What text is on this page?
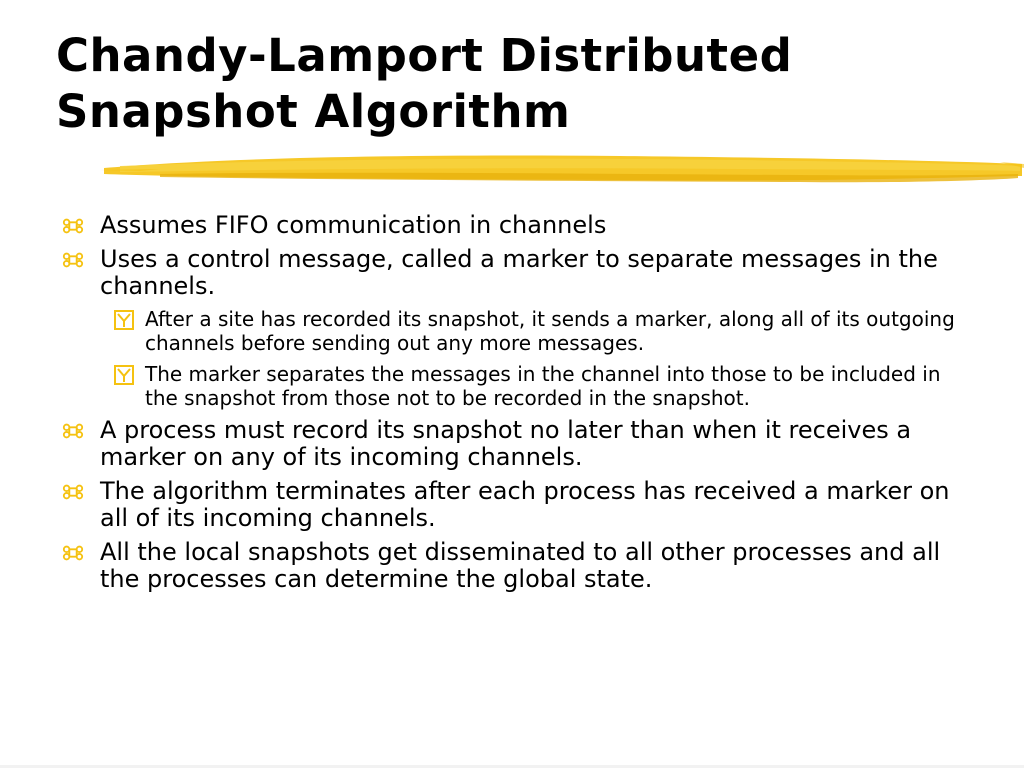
Chandy-Lamport Distributed
Snapshot Algorithm

Assumes FIFO communication in channels

Uses a control message, called a marker to separate messages in the channels.

After a site has recorded its snapshot, it sends a marker, along all of its outgoing channels before sending out any more messages.

The marker separates the messages in the channel into those to be included in the snapshot from those not to be recorded in the snapshot.

A process must record its snapshot no later than when it receives a marker on any of its incoming channels.

The algorithm terminates after each process has received a marker on all of its incoming channels.

All the local snapshots get disseminated to all other processes and all the processes can determine the global state.
